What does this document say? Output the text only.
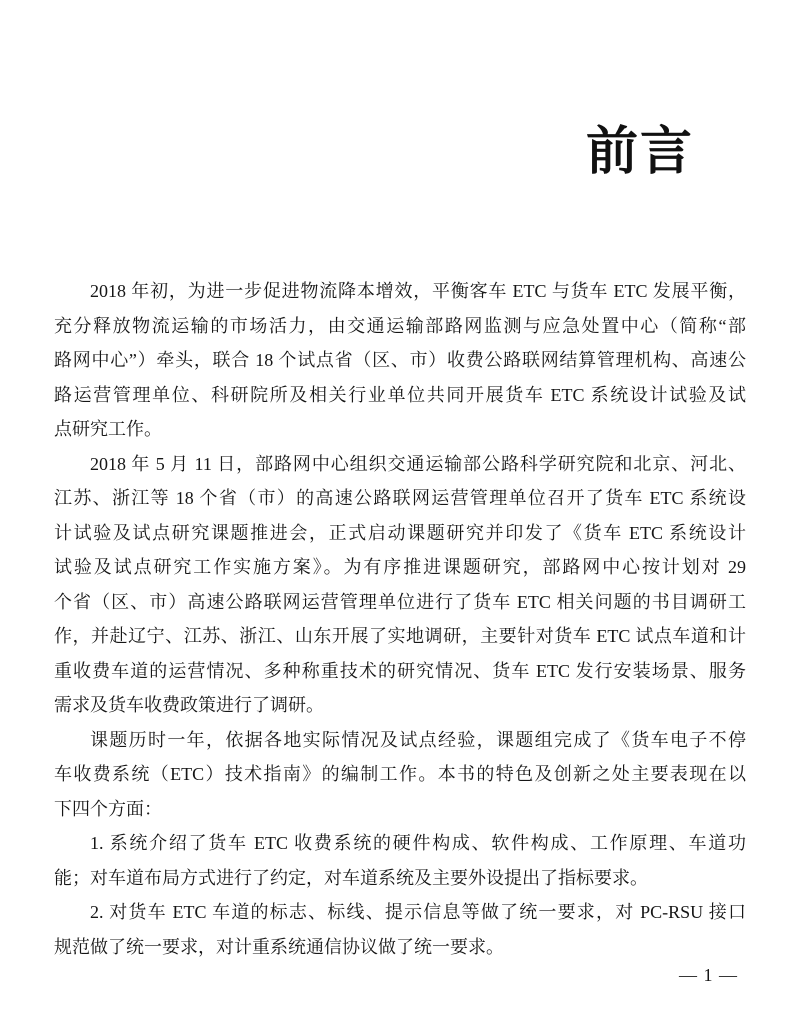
前言
2018 年初，为进一步促进物流降本增效，平衡客车 ETC 与货车 ETC 发展平衡，
充分释放物流运输的市场活力，由交通运输部路网监测与应急处置中心（简称“部
路网中心”）牵头，联合 18 个试点省（区、市）收费公路联网结算管理机构、高速公
路运营管理单位、科研院所及相关行业单位共同开展货车 ETC 系统设计试验及试
点研究工作。
2018 年 5 月 11 日，部路网中心组织交通运输部公路科学研究院和北京、河北、
江苏、浙江等 18 个省（市）的高速公路联网运营管理单位召开了货车 ETC 系统设
计试验及试点研究课题推进会，正式启动课题研究并印发了《货车 ETC 系统设计
试验及试点研究工作实施方案》。为有序推进课题研究，部路网中心按计划对 29
个省（区、市）高速公路联网运营管理单位进行了货车 ETC 相关问题的书目调研工
作，并赴辽宁、江苏、浙江、山东开展了实地调研，主要针对货车 ETC 试点车道和计
重收费车道的运营情况、多种称重技术的研究情况、货车 ETC 发行安装场景、服务
需求及货车收费政策进行了调研。
课题历时一年，依据各地实际情况及试点经验，课题组完成了《货车电子不停
车收费系统（ETC）技术指南》的编制工作。本书的特色及创新之处主要表现在以
下四个方面：
1. 系统介绍了货车 ETC 收费系统的硬件构成、软件构成、工作原理、车道功
能；对车道布局方式进行了约定，对车道系统及主要外设提出了指标要求。
2. 对货车 ETC 车道的标志、标线、提示信息等做了统一要求，对 PC-RSU 接口
规范做了统一要求，对计重系统通信协议做了统一要求。
— 1 —
